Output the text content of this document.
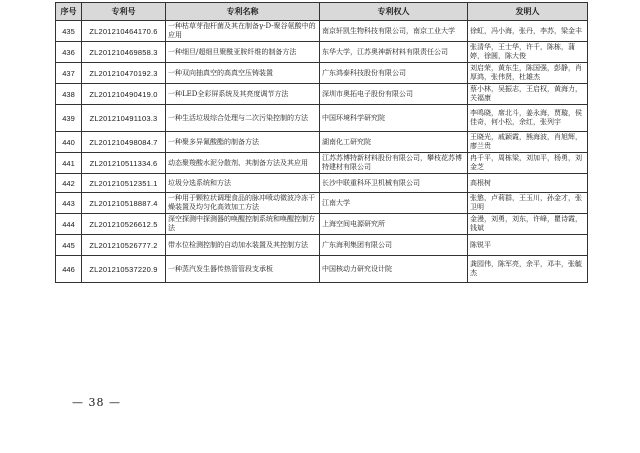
序号	专利号	专利名称	专利权人	发明人
435	ZL201210464170.6	一种枯草芽孢杆菌及其在制备γ-D-聚谷氨酸中的应用	南京轩凯生物科技有限公司，南京工业大学	徐虹，冯小海，张丹，李苏，梁金丰
436	ZL201210469858.3	一种细旦/超细旦聚酰亚胺纤维的制备方法	东华大学，江苏奥神新材料有限责任公司	张清华，王士华，许千，陈栋，蒲婷，徐圆，陈大俊
437	ZL201210470192.3	一种双向抽真空的高真空压铸装置	广东鸿泰科技股份有限公司	刘启荣，黄东生，陈国强，彭静，肖厚鸿，张伟贤，杜雄杰
438	ZL201210490419.0	一种LED全彩屏系统及其亮度调节方法	深圳市奥拓电子股份有限公司	蔡小林，吴振志，王启权，黄海力，关福康
439	ZL201210491103.3	一种生活垃圾综合处理与二次污染控制的方法	中国环境科学研究院	李鸣晓，席北斗，姜永海，贾璇，侯佳奇，何小松，余红，张列宇
440	ZL201210498084.7	一种聚多异氰酸酯的制备方法	湖南化工研究院	王晓光，戚颖霞，熊海波，肖旭辉，廖兰贵
441	ZL201210511334.6	动态聚羧酸水泥分散剂、其制备方法及其应用	江苏苏博特新材料股份有限公司，攀枝花苏博特建材有限公司	冉千平，周栋梁，刘加平，杨勇，刘金芝
442	ZL201210512351.1	垃圾分选系统和方法	长沙中联重科环卫机械有限公司	高根树
443	ZL201210518887.4	一种用于颗粒状调理食品的脉冲喷动微波冷冻干燥装置及均匀化高效加工方法	江南大学	张慜，卢莉群，王玉川，孙金才，张卫明
444	ZL201210526612.5	深空探测中探测器的唤醒控制系统和唤醒控制方法	上海空间电源研究所	金漫，刘勇，刘东，许峰，瞿诗霞，钱斌
445	ZL201210526777.2	带水位检测控制的自动加水装置及其控制方法	广东海利集团有限公司	陈锐平
446	ZL201210537220.9	一种蒸汽发生器传热管管段支承板	中国核动力研究设计院	龚园伟，陈军亮，余平，邓丰，张毓杰
— 38 —
